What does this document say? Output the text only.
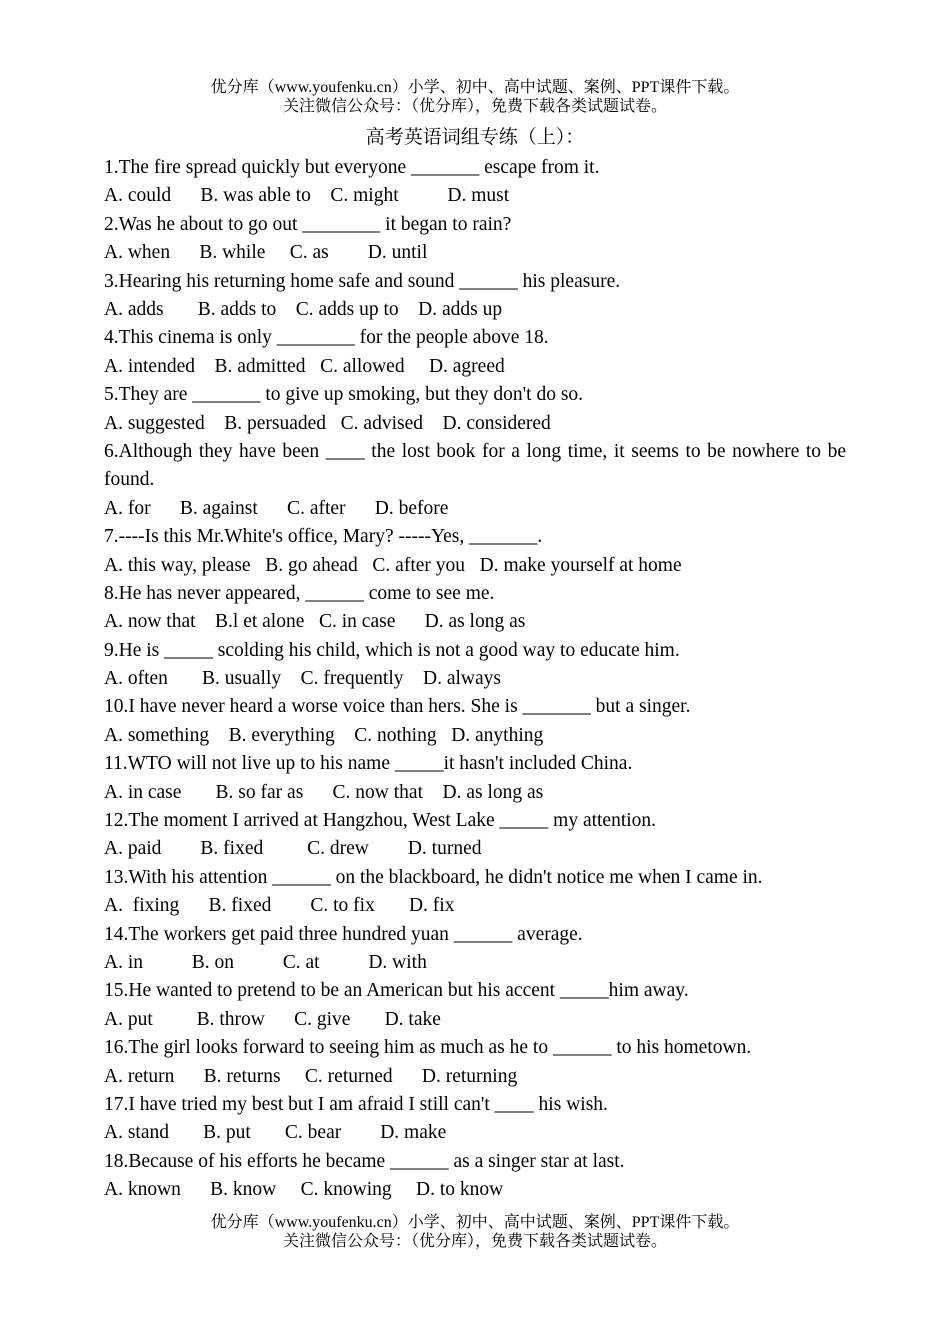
优分库（www.youfenku.cn）小学、初中、高中试题、案例、PPT课件下载。
关注微信公众号：（优分库），免费下载各类试题试卷。
高考英语词组专练（上）：
1.The fire spread quickly but everyone _______ escape from it.
A. could      B. was able to    C. might          D. must
2.Was he about to go out ________ it began to rain?
A. when      B. while     C. as        D. until
3.Hearing his returning home safe and sound ______ his pleasure.
A. adds       B. adds to    C. adds up to    D. adds up
4.This cinema is only ________ for the people above 18.
A. intended    B. admitted   C. allowed     D. agreed
5.They are _______ to give up smoking, but they don't do so.
A. suggested    B. persuaded   C. advised    D. considered
6.Although they have been ____ the lost book for a long time, it seems to be nowhere to be found.
A. for      B. against      C. after      D. before
7.----Is this Mr.White's office, Mary? -----Yes, _______.
A. this way, please   B. go ahead   C. after you   D. make yourself at home
8.He has never appeared, ______ come to see me.
A. now that    B.l et alone   C. in case      D. as long as
9.He is _____ scolding his child, which is not a good way to educate him.
A. often       B. usually    C. frequently    D. always
10.I have never heard a worse voice than hers. She is _______ but a singer.
A. something    B. everything    C. nothing   D. anything
11.WTO will not live up to his name _____it hasn't included China.
A. in case       B. so far as      C. now that    D. as long as
12.The moment I arrived at Hangzhou, West Lake _____ my attention.
A. paid        B. fixed         C. drew        D. turned
13.With his attention ______ on the blackboard, he didn't notice me when I came in.
A.  fixing      B. fixed        C. to fix       D. fix
14.The workers get paid three hundred yuan ______ average.
A. in          B. on          C. at          D. with
15.He wanted to pretend to be an American but his accent _____him away.
A. put         B. throw      C. give       D. take
16.The girl looks forward to seeing him as much as he to ______ to his hometown.
A. return      B. returns     C. returned      D. returning
17.I have tried my best but I am afraid I still can't ____ his wish.
A. stand       B. put       C. bear        D. make
18.Because of his efforts he became ______ as a singer star at last.
A. known      B. know     C. knowing     D. to know
优分库（www.youfenku.cn）小学、初中、高中试题、案例、PPT课件下载。
关注微信公众号：（优分库），免费下载各类试题试卷。
